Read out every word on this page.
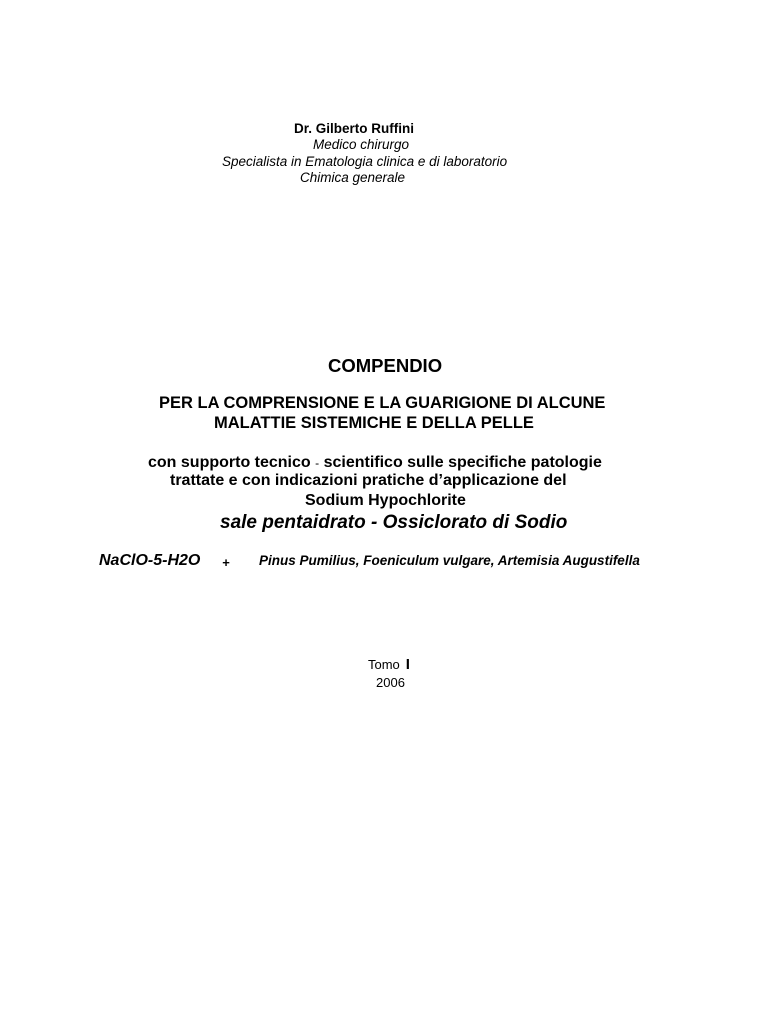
Dr. Gilberto Ruffini
Medico chirurgo
Specialista in Ematologia clinica e di laboratorio
Chimica generale
COMPENDIO
PER LA COMPRENSIONE E LA GUARIGIONE DI ALCUNE
MALATTIE SISTEMICHE E DELLA PELLE
con supporto tecnico - scientifico sulle specifiche patologie
trattate e con indicazioni pratiche d’applicazione del
Sodium Hypochlorite
sale pentaidrato - Ossiclorato di Sodio
NaClO-5-H2O + Pinus Pumilius, Foeniculum vulgare, Artemisia Augustifella
Tomo I
2006
